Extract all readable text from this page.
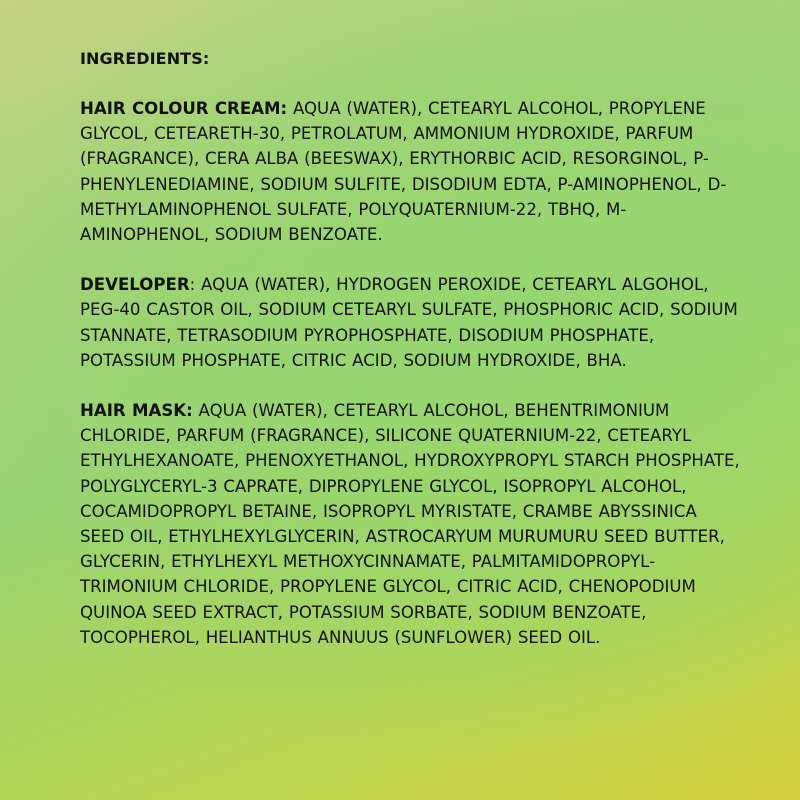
INGREDIENTS:

HAIR COLOUR CREAM: AQUA (WATER), CETEARYL ALCOHOL, PROPYLENE GLYCOL, CETEARETH-30, PETROLATUM, AMMONIUM HYDROXIDE, PARFUM (FRAGRANCE), CERA ALBA (BEESWAX), ERYTHORBIC ACID, RESORGINOL, P-PHENYLENEDIAMINE, SODIUM SULFITE, DISODIUM EDTA, P-AMINOPHENOL, D-METHYLAMINOPHENOL SULFATE, POLYQUATERNIUM-22, TBHQ, M-AMINOPHENOL, SODIUM BENZOATE.

DEVELOPER: AQUA (WATER), HYDROGEN PEROXIDE, CETEARYL ALGOHOL, PEG-40 CASTOR OIL, SODIUM CETEARYL SULFATE, PHOSPHORIC ACID, SODIUM STANNATE, TETRASODIUM PYROPHOSPHATE, DISODIUM PHOSPHATE, POTASSIUM PHOSPHATE, CITRIC ACID, SODIUM HYDROXIDE, BHA.

HAIR MASK: AQUA (WATER), CETEARYL ALCOHOL, BEHENTRIMONIUM CHLORIDE, PARFUM (FRAGRANCE), SILICONE QUATERNIUM-22, CETEARYL ETHYLHEXANOATE, PHENOXYETHANOL, HYDROXYPROPYL STARCH PHOSPHATE, POLYGLYCERYL-3 CAPRATE, DIPROPYLENE GLYCOL, ISOPROPYL ALCOHOL, COCAMIDOPROPYL BETAINE, ISOPROPYL MYRISTATE, CRAMBE ABYSSINICA SEED OIL, ETHYLHEXYLGLYCERIN, ASTROCARYUM MURUMURU SEED BUTTER, GLYCERIN, ETHYLHEXYL METHOXYCINNAMATE, PALMITAMIDOPROPYL-TRIMONIUM CHLORIDE, PROPYLENE GLYCOL, CITRIC ACID, CHENOPODIUM QUINOA SEED EXTRACT, POTASSIUM SORBATE, SODIUM BENZOATE, TOCOPHEROL, HELIANTHUS ANNUUS (SUNFLOWER) SEED OIL.
